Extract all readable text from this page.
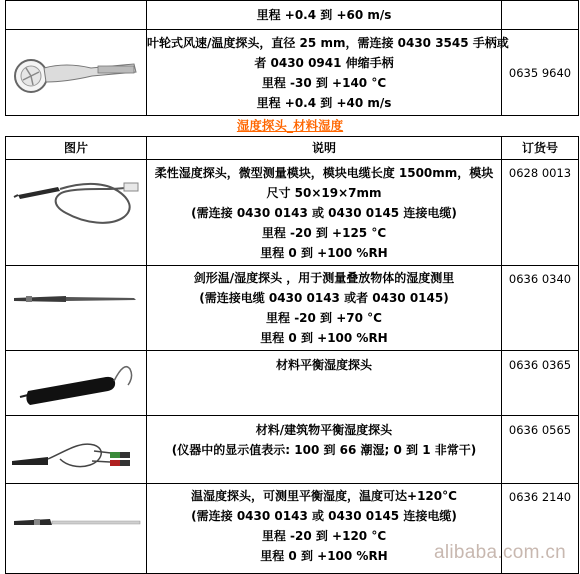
	里程 +0.4 到 +60 m/s	

叶轮式风速/温度探头，直径 25 mm，需连接 0430 3545 手柄或
者 0430 0941 伸缩手柄
里程 -30 到 +140 °C
里程 +0.4 到 +40 m/s	0635 9640
湿度探头_材料湿度
图片	说明	订货号

柔性湿度探头，微型测量模块，模块电缆长度 1500mm，模块
尺寸 50×19×7mm
(需连接 0430 0143 或 0430 0145 连接电缆)
里程 -20 到 +125 °C
里程 0 到 +100 %RH	0628 0013

剑形温/湿度探头 ，用于测量叠放物体的湿度测里
(需连接电缆 0430 0143 或者 0430 0145)
里程 -20 到 +70 °C
里程 0 到 +100 %RH	0636 0340

材料平衡湿度探头	0636 0365

材料/建筑物平衡湿度探头
(仪器中的显示值表示: 100 到 66 潮湿; 0 到 1 非常干)	0636 0565

温湿度探头，可测里平衡湿度，温度可达+120°C
(需连接 0430 0143 或 0430 0145 连接电缆)
里程 -20 到 +120 °C
里程 0 到 +100 %RH	0636 2140
alibaba.com.cn
